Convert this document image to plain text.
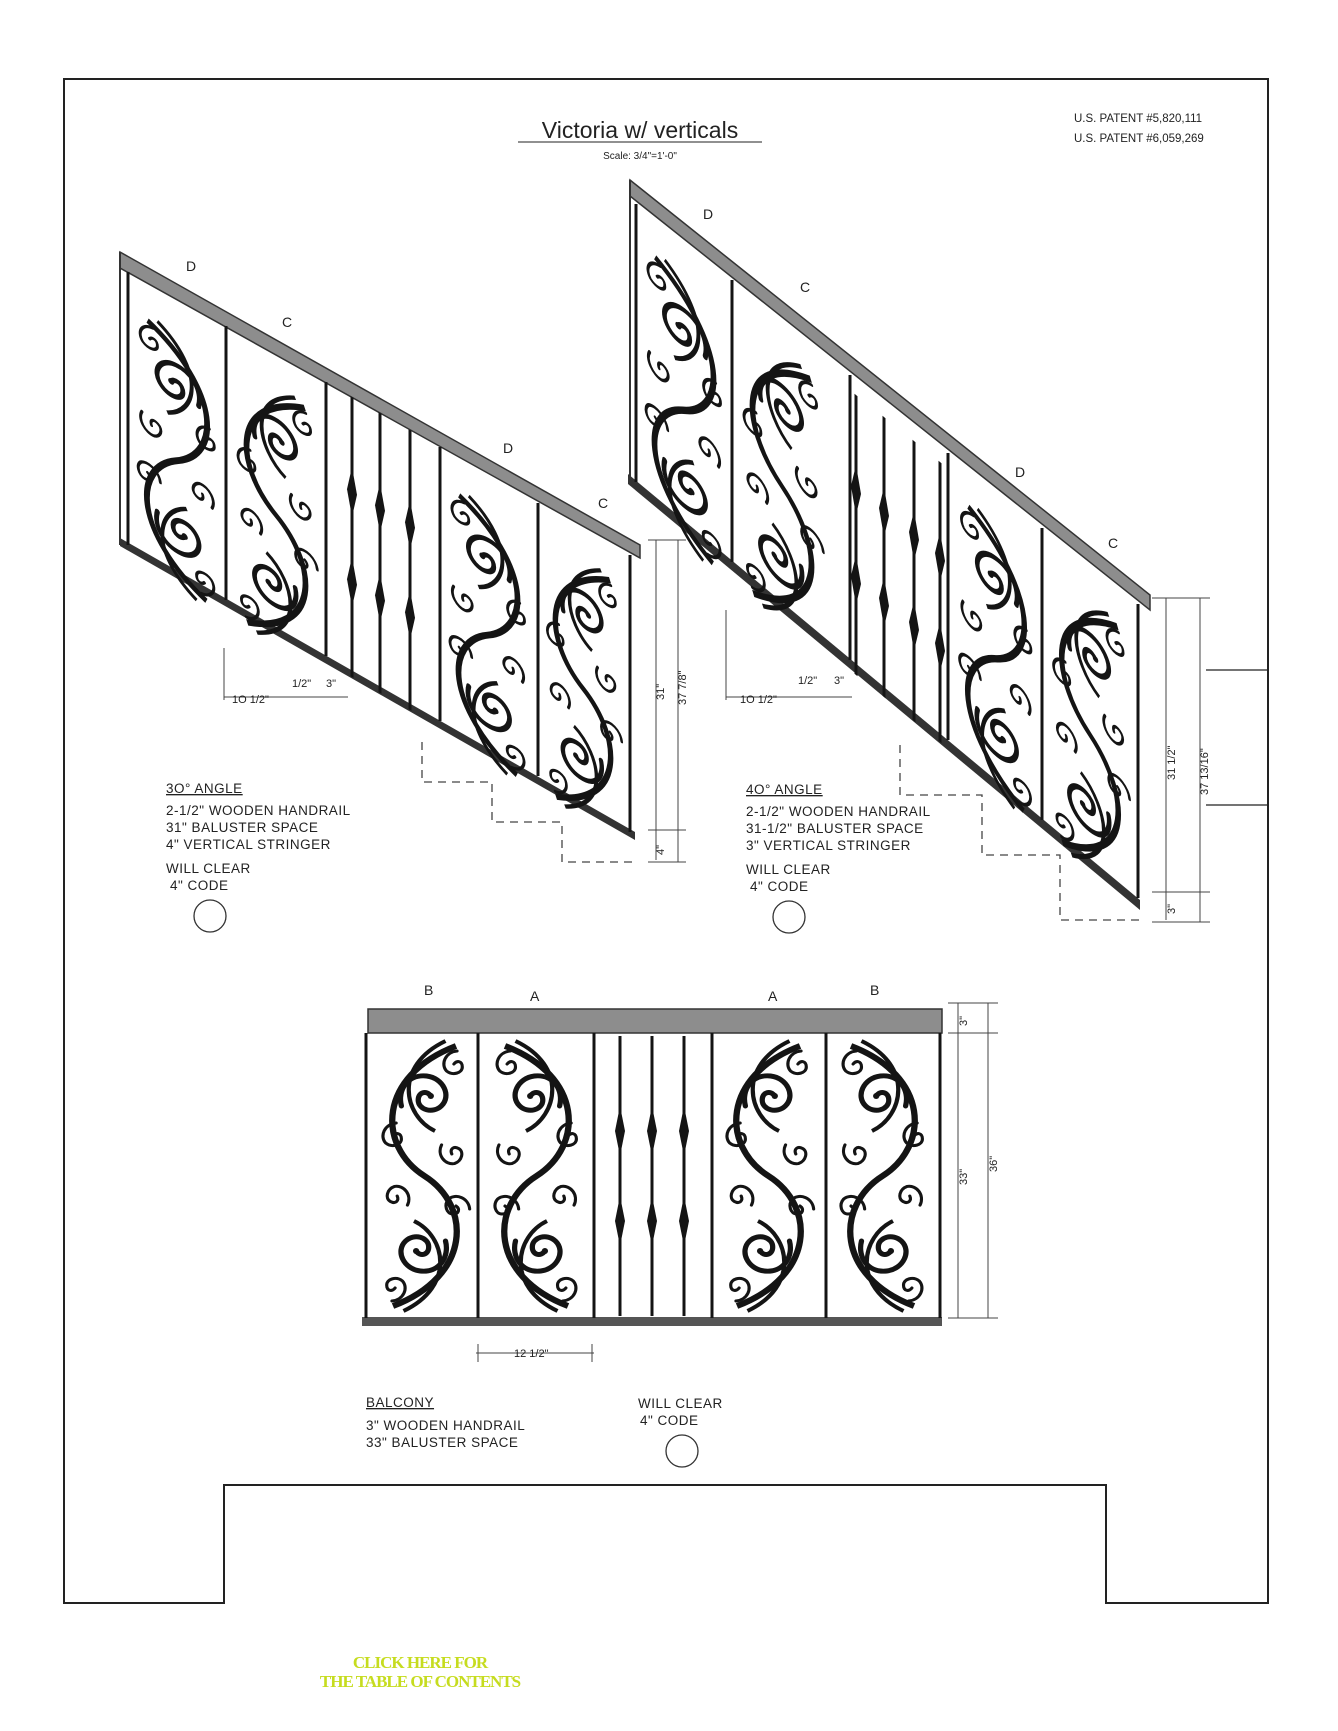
Victoria w/ verticals
Scale: 3/4"=1'-0"
U.S. PATENT #5,820,111
U.S. PATENT #6,059,269
D
C
D
C
1O 1/2"
1/2" 3"	31" 37 7/8"
4"
3O° ANGLE
2-1/2" WOODEN HANDRAIL
31" BALUSTER SPACE
4" VERTICAL STRINGER
WILL CLEAR
4" CODE
D
C
D
C
1O 1/2"
1/2" 3"
31 1/2" 37 13/16"
3"
4O° ANGLE
2-1/2" WOODEN HANDRAIL
31-1/2" BALUSTER SPACE
3" VERTICAL STRINGER
WILL CLEAR
4" CODE
B	A	A	B
12 1/2"
3"
33"
36"
BALCONY
3" WOODEN HANDRAIL
33" BALUSTER SPACE
WILL CLEAR
4" CODE
CLICK HERE FOR
THE TABLE OF CONTENTS
